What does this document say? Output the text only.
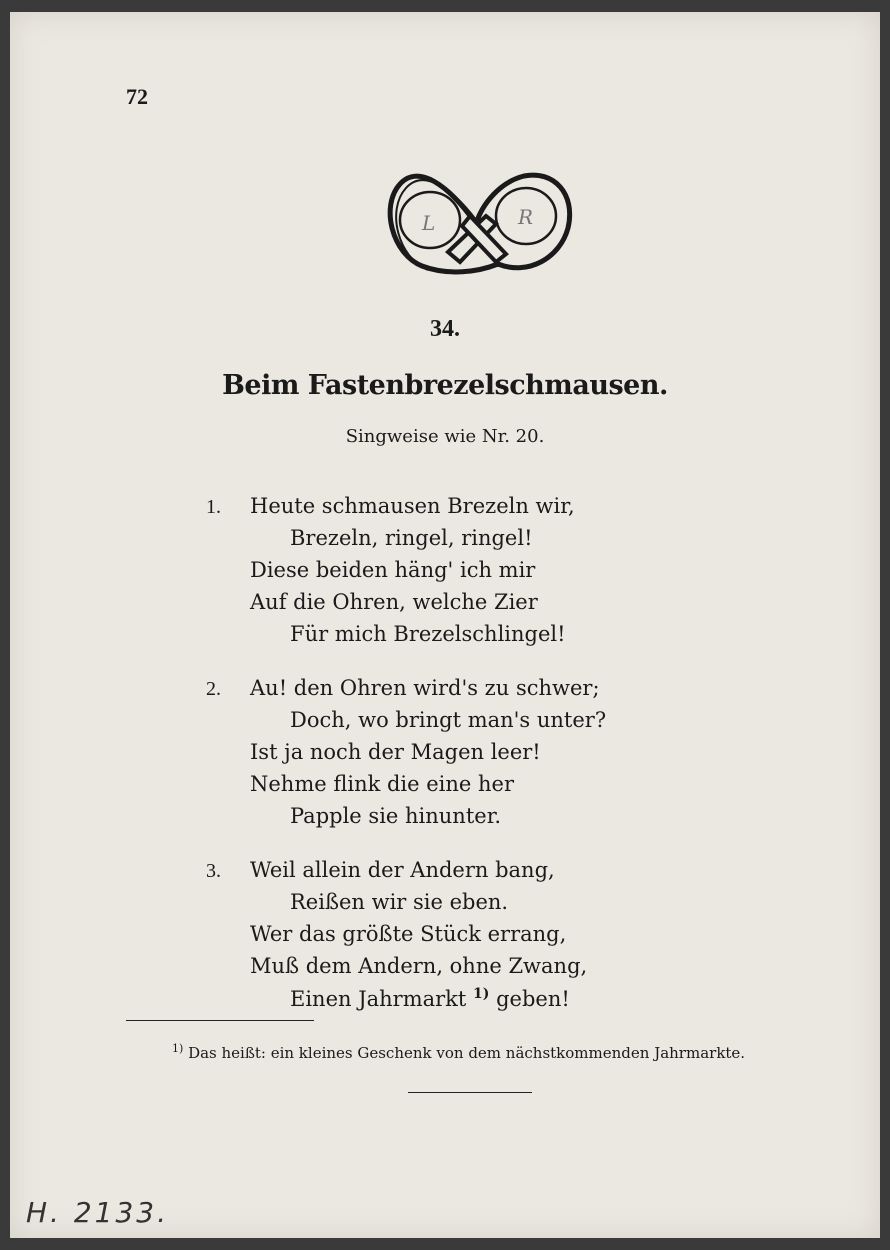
72
L	R
34.
Beim Fastenbrezelschmausen.
Singweise wie Nr. 20.
1. Heute schmausen Brezeln wir,
Brezeln, ringel, ringel!
Diese beiden häng' ich mir
Auf die Ohren, welche Zier
Für mich Brezelschlingel!
2. Au! den Ohren wird's zu schwer;
Doch, wo bringt man's unter?
Ist ja noch der Magen leer!
Nehme flink die eine her
Papple sie hinunter.
3. Weil allein der Andern bang,
Reißen wir sie eben.
Wer das größte Stück errang,
Muß dem Andern, ohne Zwang,
Einen Jahrmarkt $^{1)}$ geben!
$^{1)}$ Das heißt: ein kleines Geschenk von dem nächstkommenden Jahrmarkte.
H. 2133.
